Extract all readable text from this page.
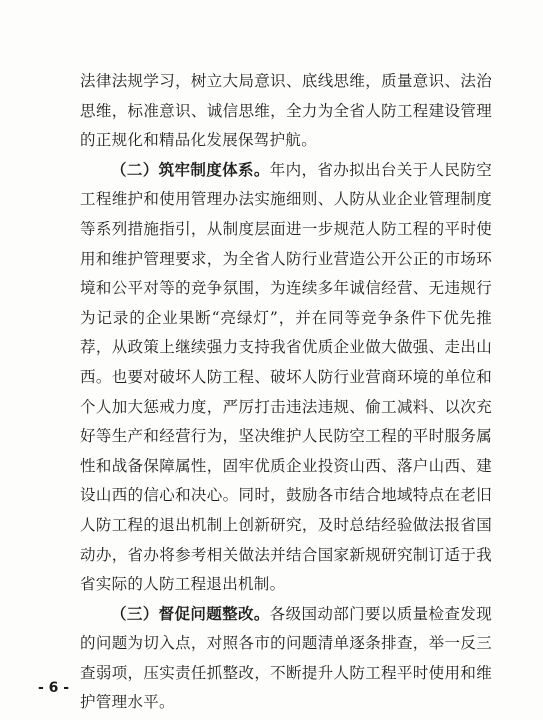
法律法规学习，树立大局意识、底线思维，质量意识、法治思维，标准意识、诚信思维，全力为全省人防工程建设管理的正规化和精品化发展保驾护航。

（二）筑牢制度体系。年内，省办拟出台关于人民防空工程维护和使用管理办法实施细则、人防从业企业管理制度等系列措施指引，从制度层面进一步规范人防工程的平时使用和维护管理要求，为全省人防行业营造公开公正的市场环境和公平对等的竞争氛围，为连续多年诚信经营、无违规行为记录的企业果断“亮绿灯”，并在同等竞争条件下优先推荐，从政策上继续强力支持我省优质企业做大做强、走出山西。也要对破坏人防工程、破坏人防行业营商环境的单位和个人加大惩戒力度，严厉打击违法违规、偷工减料、以次充好等生产和经营行为，坚决维护人民防空工程的平时服务属性和战备保障属性，固牢优质企业投资山西、落户山西、建设山西的信心和决心。同时，鼓励各市结合地域特点在老旧人防工程的退出机制上创新研究，及时总结经验做法报省国动办，省办将参考相关做法并结合国家新规研究制订适于我省实际的人防工程退出机制。

（三）督促问题整改。各级国动部门要以质量检查发现的问题为切入点，对照各市的问题清单逐条排查，举一反三查弱项，压实责任抓整改，不断提升人防工程平时使用和维护管理水平。

- 6 -
